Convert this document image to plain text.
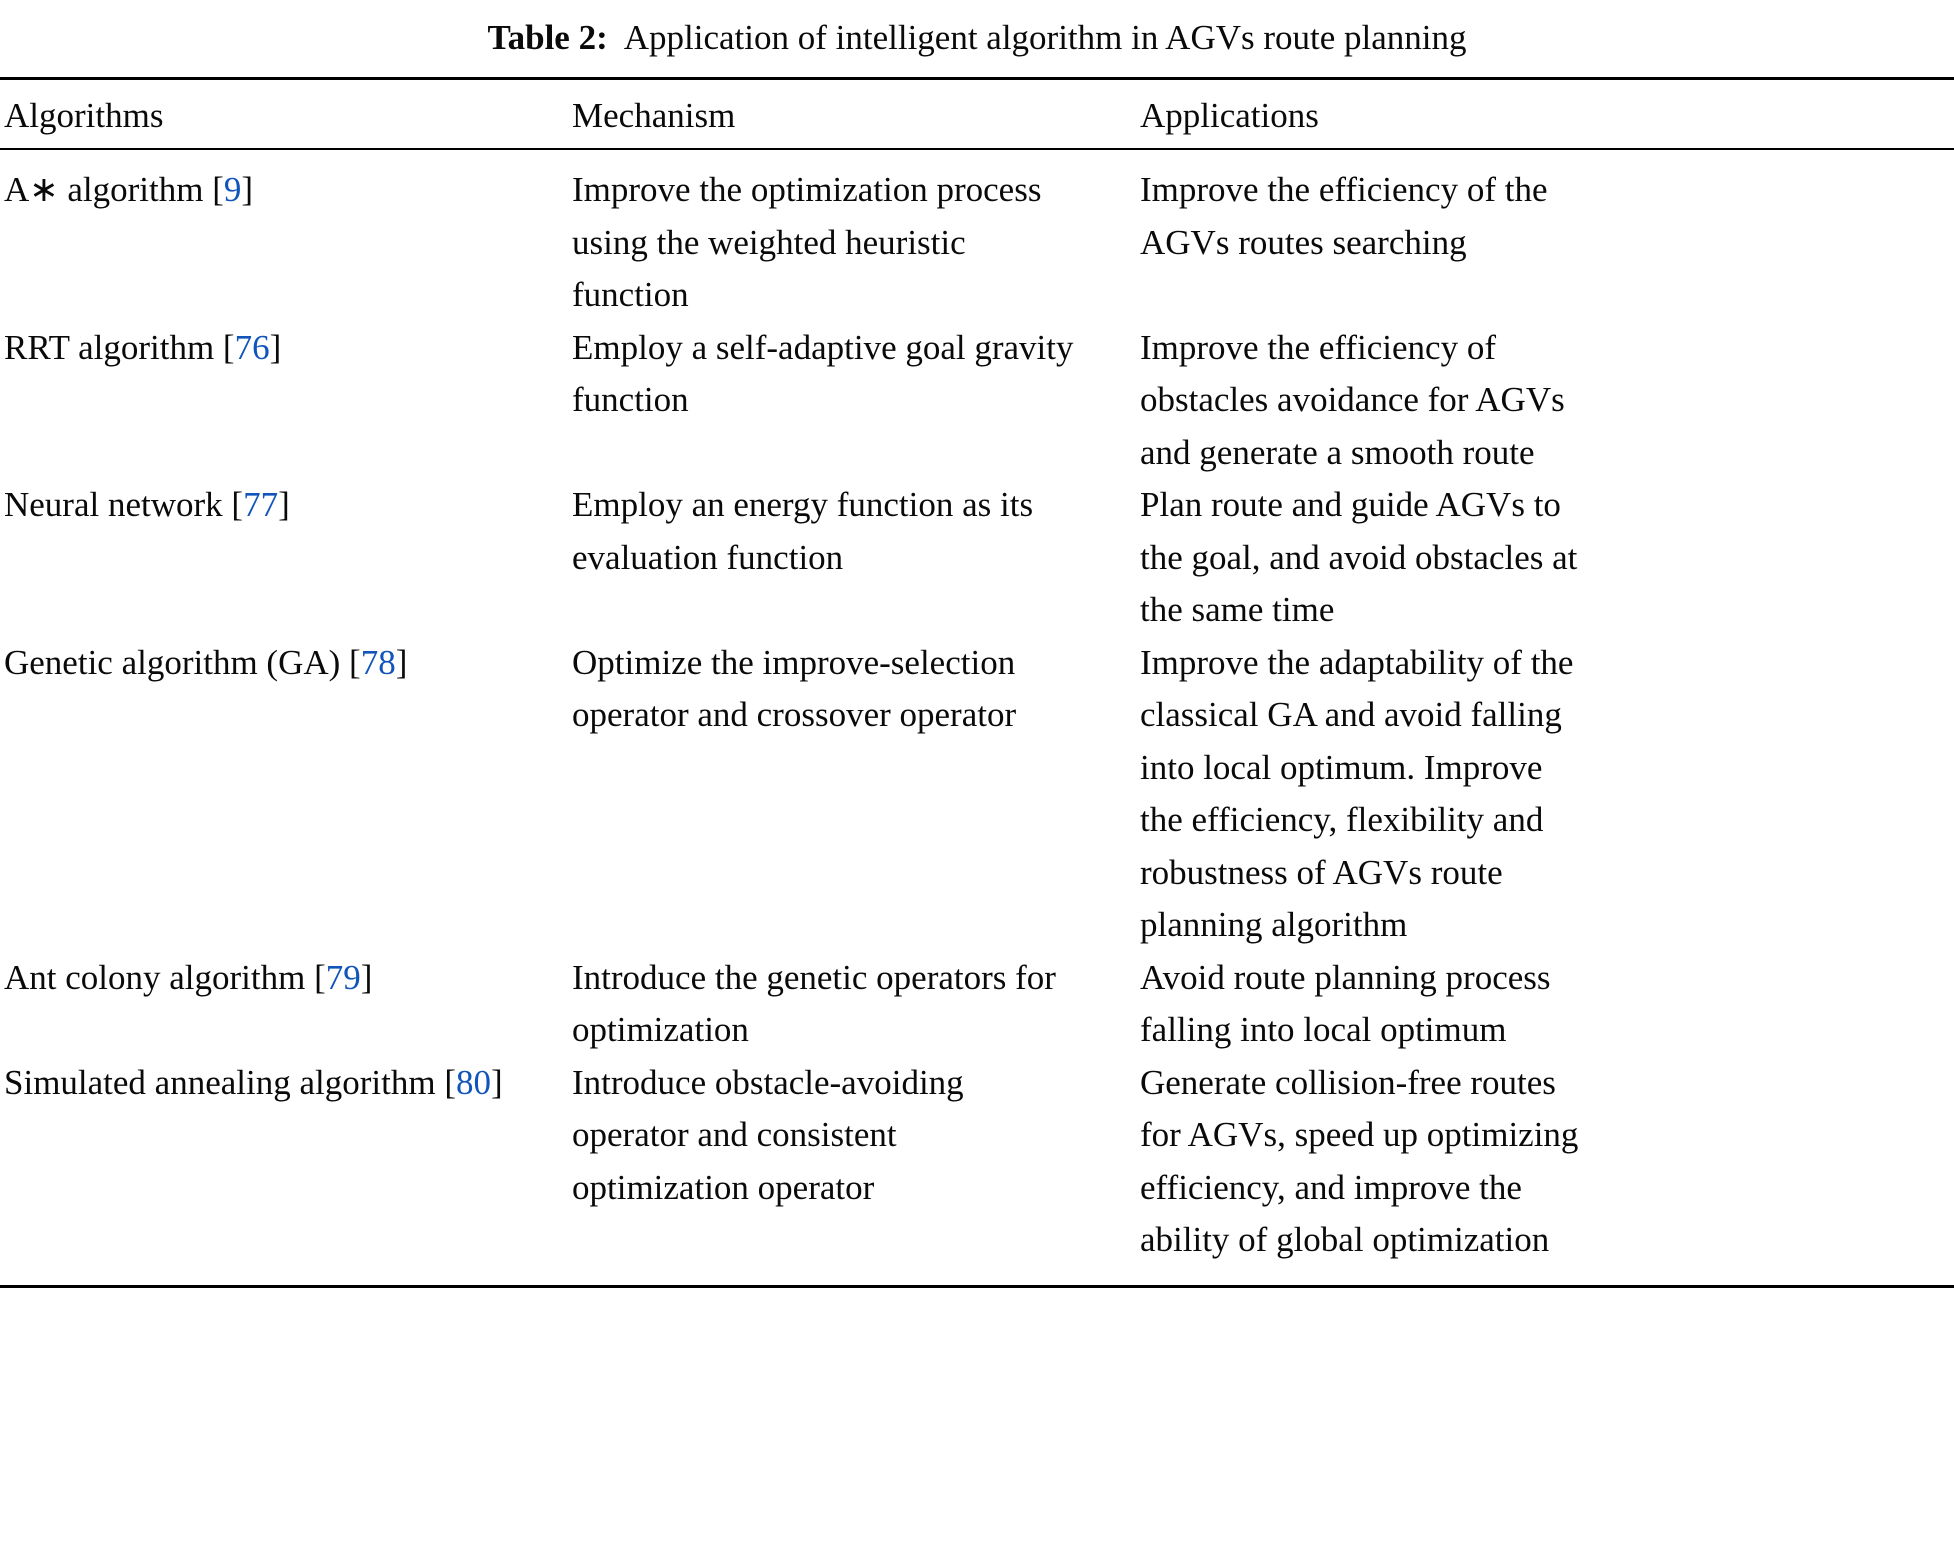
Table 2: Application of intelligent algorithm in AGVs route planning
Algorithms	Mechanism	Applications

A∗ algorithm [9]	Improve the optimization process using the weighted heuristic function	Improve the efficiency of the AGVs routes searching

RRT algorithm [76]	Employ a self-adaptive goal gravity function	Improve the efficiency of obstacles avoidance for AGVs and generate a smooth route

Neural network [77]	Employ an energy function as its evaluation function	Plan route and guide AGVs to the goal, and avoid obstacles at the same time

Genetic algorithm (GA) [78]	Optimize the improve-selection operator and crossover operator	Improve the adaptability of the classical GA and avoid falling into local optimum. Improve the efficiency, flexibility and robustness of AGVs route planning algorithm

Ant colony algorithm [79]	Introduce the genetic operators for optimization	Avoid route planning process falling into local optimum

Simulated annealing algorithm [80]	Introduce obstacle-avoiding operator and consistent optimization operator	Generate collision-free routes for AGVs, speed up optimizing efficiency, and improve the ability of global optimization
